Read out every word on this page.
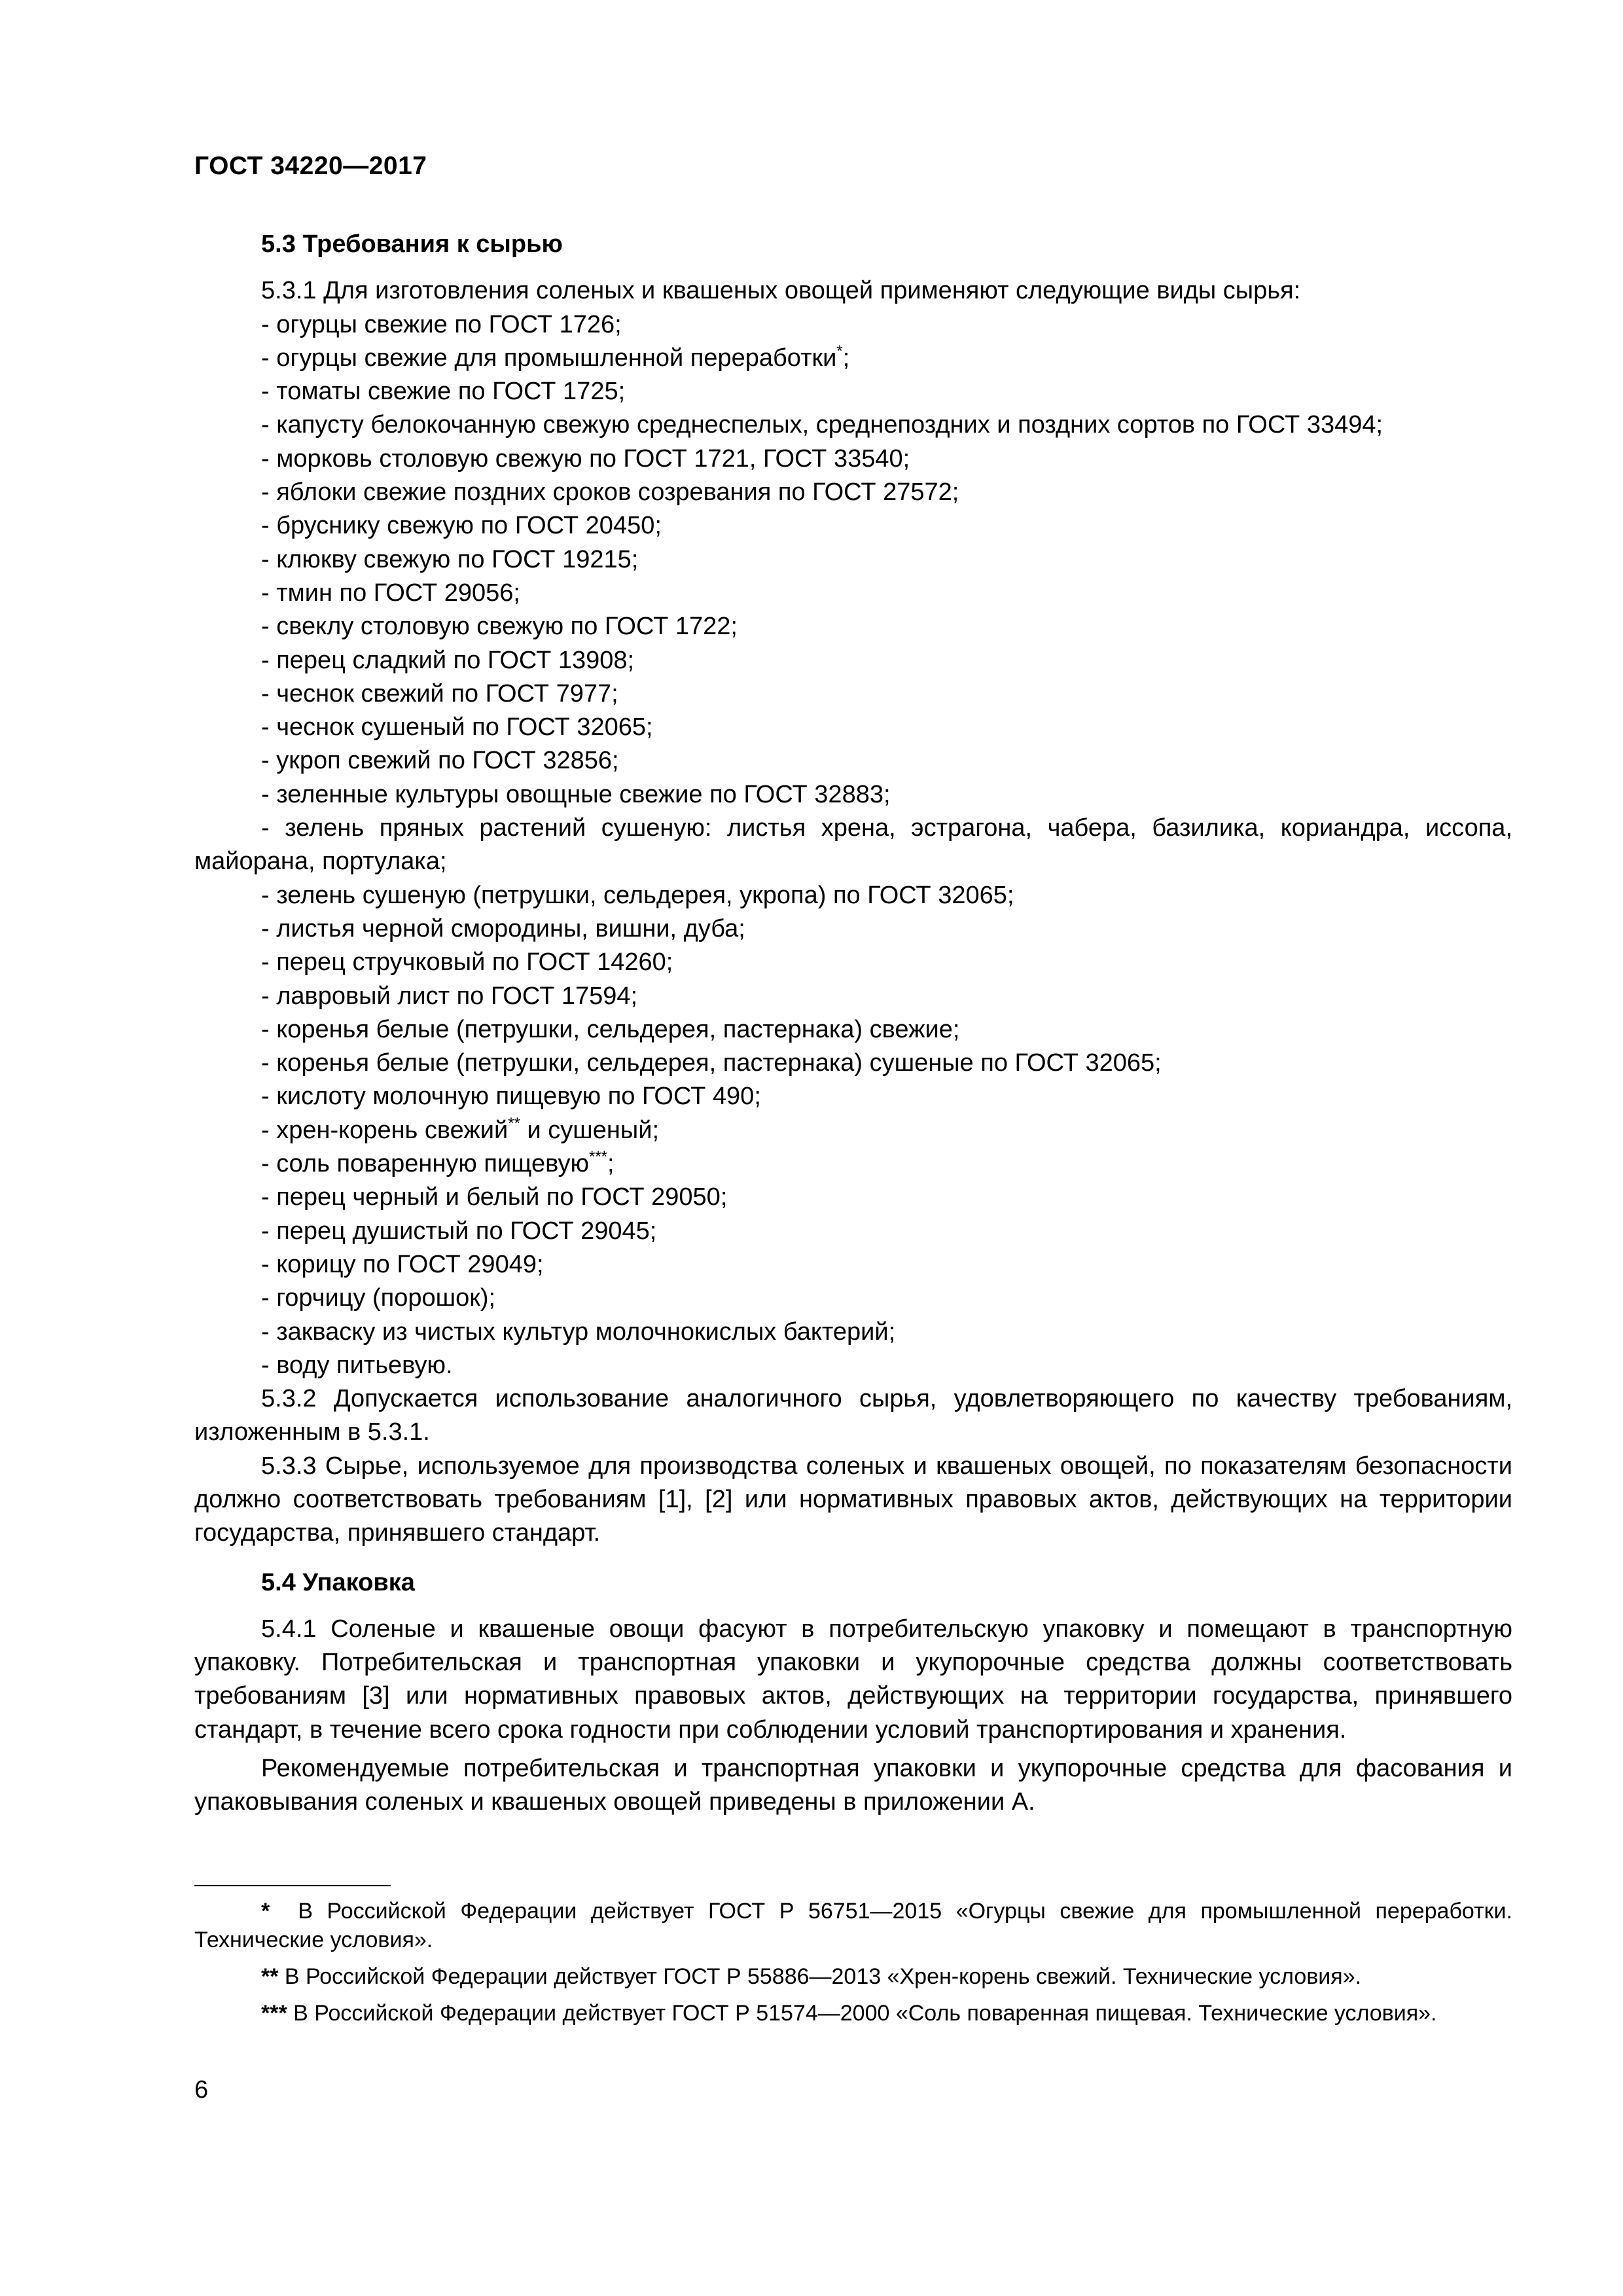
ГОСТ 34220—2017
5.3 Требования к сырью

5.3.1 Для изготовления соленых и квашеных овощей применяют следующие виды сырья:

- огурцы свежие по ГОСТ 1726;
- огурцы свежие для промышленной переработки*;
- томаты свежие по ГОСТ 1725;
- капусту белокочанную свежую среднеспелых, среднепоздних и поздних сортов по ГОСТ 33494;
- морковь столовую свежую по ГОСТ 1721, ГОСТ 33540;
- яблоки свежие поздних сроков созревания по ГОСТ 27572;
- бруснику свежую по ГОСТ 20450;
- клюкву свежую по ГОСТ 19215;
- тмин по ГОСТ 29056;
- свеклу столовую свежую по ГОСТ 1722;
- перец сладкий по ГОСТ 13908;
- чеснок свежий по ГОСТ 7977;
- чеснок сушеный по ГОСТ 32065;
- укроп свежий по ГОСТ 32856;
- зеленные культуры овощные свежие по ГОСТ 32883;
- зелень пряных растений сушеную: листья хрена, эстрагона, чабера, базилика, кориандра, иссопа, майорана, портулака;
- зелень сушеную (петрушки, сельдерея, укропа) по ГОСТ 32065;
- листья черной смородины, вишни, дуба;
- перец стручковый по ГОСТ 14260;
- лавровый лист по ГОСТ 17594;
- коренья белые (петрушки, сельдерея, пастернака) свежие;
- коренья белые (петрушки, сельдерея, пастернака) сушеные по ГОСТ 32065;
- кислоту молочную пищевую по ГОСТ 490;
- хрен-корень свежий** и сушеный;
- соль поваренную пищевую***;
- перец черный и белый по ГОСТ 29050;
- перец душистый по ГОСТ 29045;
- корицу по ГОСТ 29049;
- горчицу (порошок);
- закваску из чистых культур молочнокислых бактерий;
- воду питьевую.

5.3.2 Допускается использование аналогичного сырья, удовлетворяющего по качеству требованиям, изложенным в 5.3.1.

5.3.3 Сырье, используемое для производства соленых и квашеных овощей, по показателям безопасности должно соответствовать требованиям [1], [2] или нормативных правовых актов, действующих на территории государства, принявшего стандарт.

5.4 Упаковка

5.4.1 Соленые и квашеные овощи фасуют в потребительскую упаковку и помещают в транспортную упаковку. Потребительская и транспортная упаковки и укупорочные средства должны соответствовать требованиям [3] или нормативных правовых актов, действующих на территории государства, принявшего стандарт, в течение всего срока годности при соблюдении условий транспортирования и хранения.

Рекомендуемые потребительская и транспортная упаковки и укупорочные средства для фасования и упаковывания соленых и квашеных овощей приведены в приложении А.

* В Российской Федерации действует ГОСТ Р 56751—2015 «Огурцы свежие для промышленной переработки. Технические условия».

** В Российской Федерации действует ГОСТ Р 55886—2013 «Хрен-корень свежий. Технические условия».

*** В Российской Федерации действует ГОСТ Р 51574—2000 «Соль поваренная пищевая. Технические условия».

6
